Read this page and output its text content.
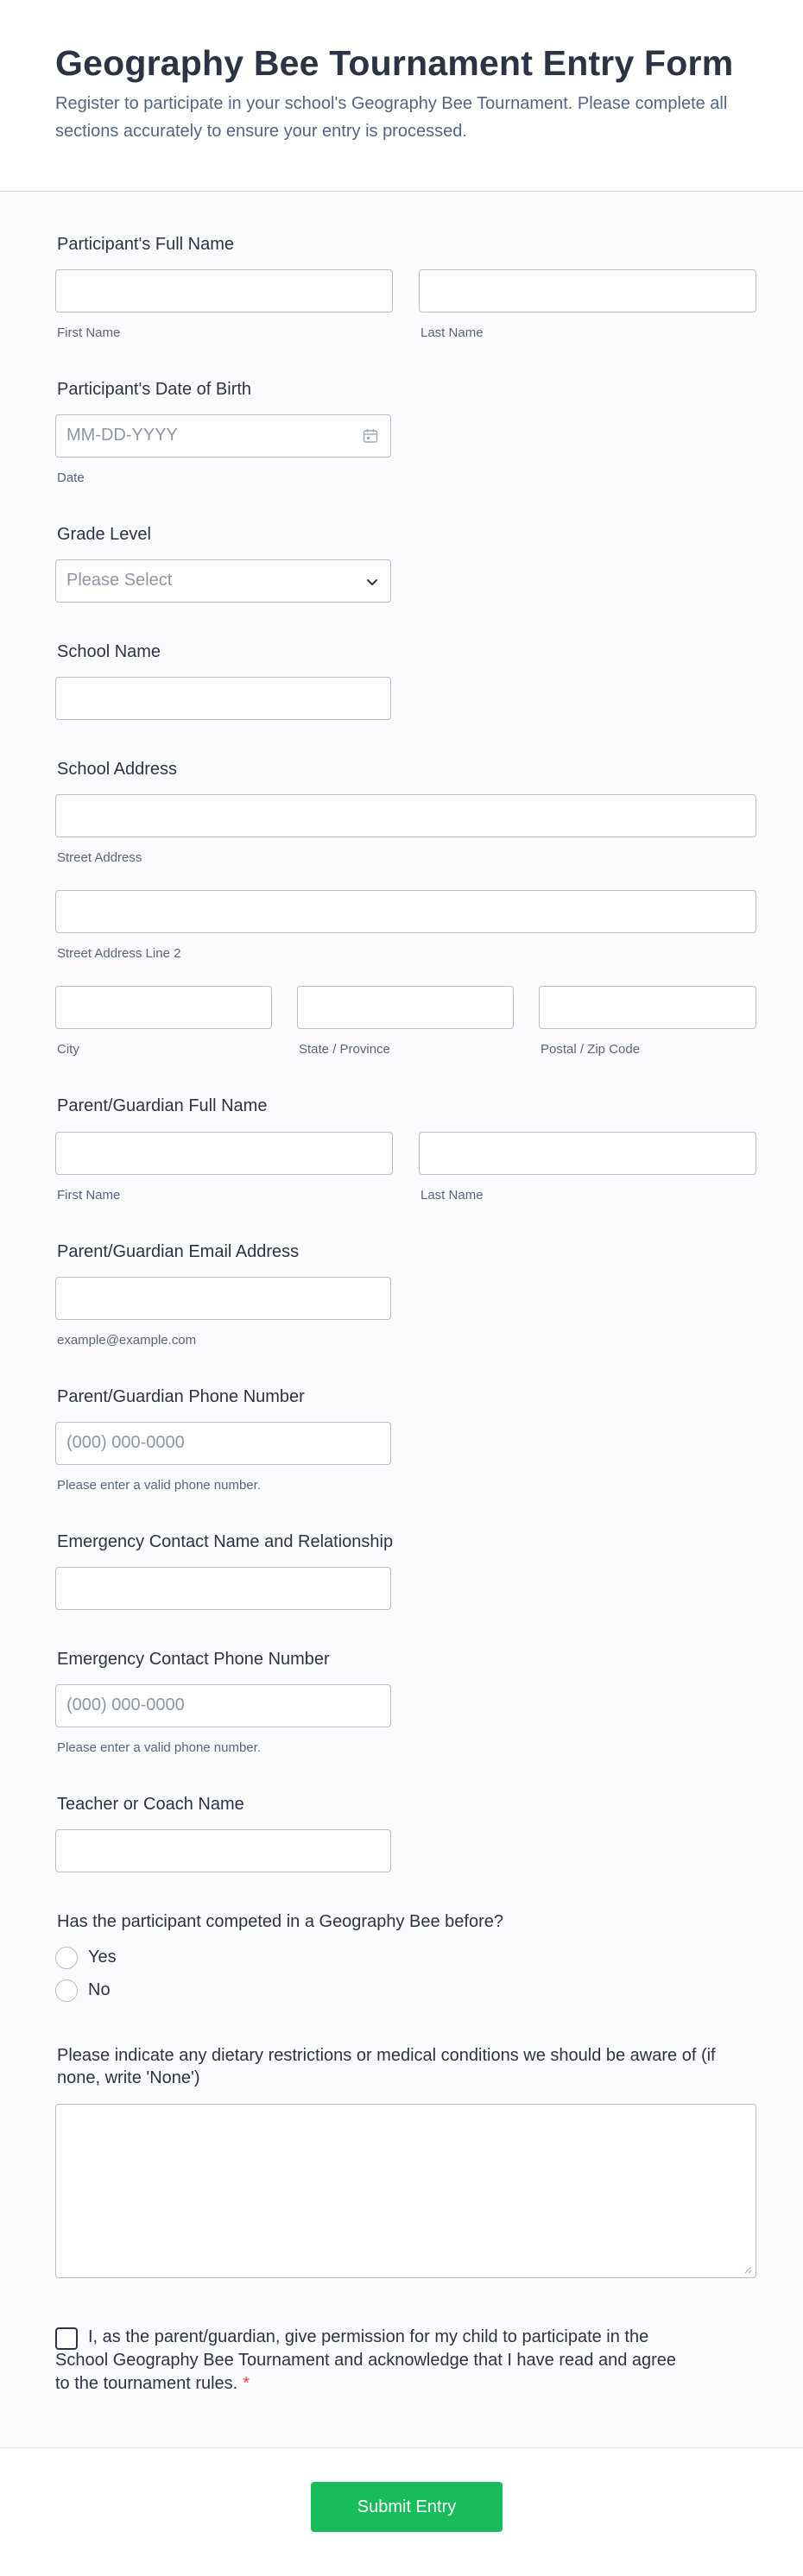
Geography Bee Tournament Entry Form

Register to participate in your school's Geography Bee Tournament. Please complete all sections accurately to ensure your entry is processed.

Participant's Full Name
First Name	Last Name
Participant's Date of Birth
MM-DD-YYYY
Date
Grade Level
Please Select
School Name
School Address
Street Address
Street Address Line 2
City	State / Province	Postal / Zip Code
Parent/Guardian Full Name
First Name	Last Name
Parent/Guardian Email Address
example@example.com
Parent/Guardian Phone Number
(000) 000-0000
Please enter a valid phone number.
Emergency Contact Name and Relationship
Emergency Contact Phone Number
(000) 000-0000
Please enter a valid phone number.
Teacher or Coach Name
Has the participant competed in a Geography Bee before?
Yes
No
Please indicate any dietary restrictions or medical conditions we should be aware of (if none, write 'None')

I, as the parent/guardian, give permission for my child to participate in the School Geography Bee Tournament and acknowledge that I have read and agree to the tournament rules. *

Submit Entry
